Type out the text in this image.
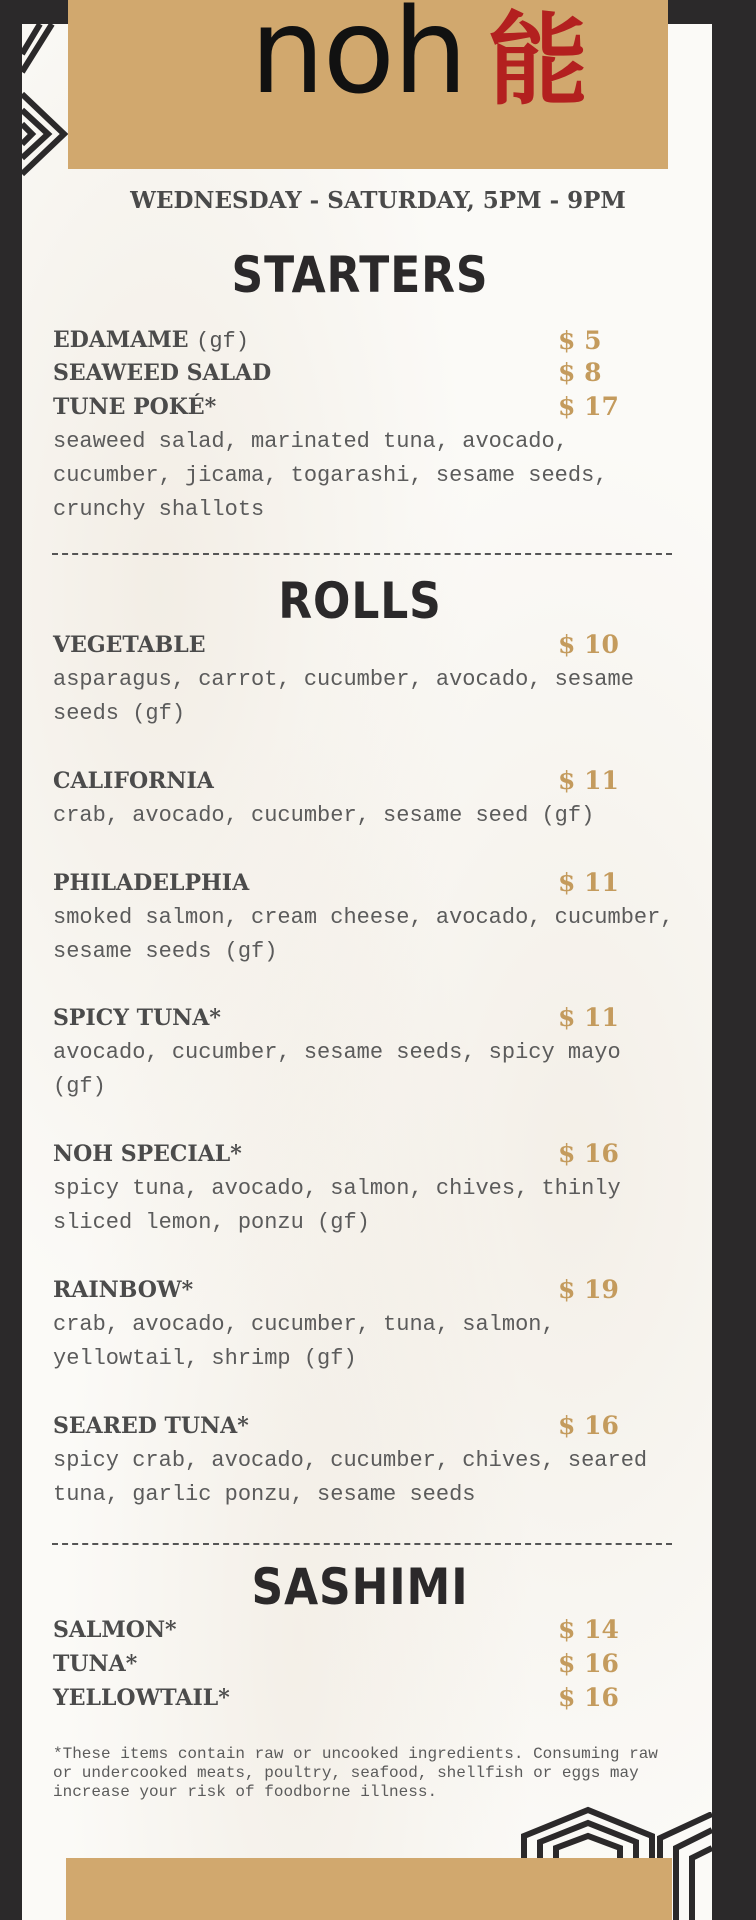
noh 能
WEDNESDAY - SATURDAY, 5PM - 9PM
STARTERS
EDAMAME (gf)	$ 5
SEAWEED SALAD	$ 8
TUNE POKÉ*	$ 17
seaweed salad, marinated tuna, avocado, cucumber, jicama, togarashi, sesame seeds, crunchy shallots
ROLLS
VEGETABLE	$ 10
asparagus, carrot, cucumber, avocado, sesame seeds (gf)
CALIFORNIA	$ 11
crab, avocado, cucumber, sesame seed (gf)
PHILADELPHIA	$ 11
smoked salmon, cream cheese, avocado, cucumber, sesame seeds (gf)
SPICY TUNA*	$ 11
avocado, cucumber, sesame seeds, spicy mayo (gf)
NOH SPECIAL*	$ 16
spicy tuna, avocado, salmon, chives, thinly sliced lemon, ponzu (gf)
RAINBOW*	$ 19
crab, avocado, cucumber, tuna, salmon, yellowtail, shrimp (gf)
SEARED TUNA*	$ 16
spicy crab, avocado, cucumber, chives, seared tuna, garlic ponzu, sesame seeds
SASHIMI
SALMON*	$ 14
TUNA*	$ 16
YELLOWTAIL*	$ 16
*These items contain raw or uncooked ingredients. Consuming raw or undercooked meats, poultry, seafood, shellfish or eggs may increase your risk of foodborne illness.
